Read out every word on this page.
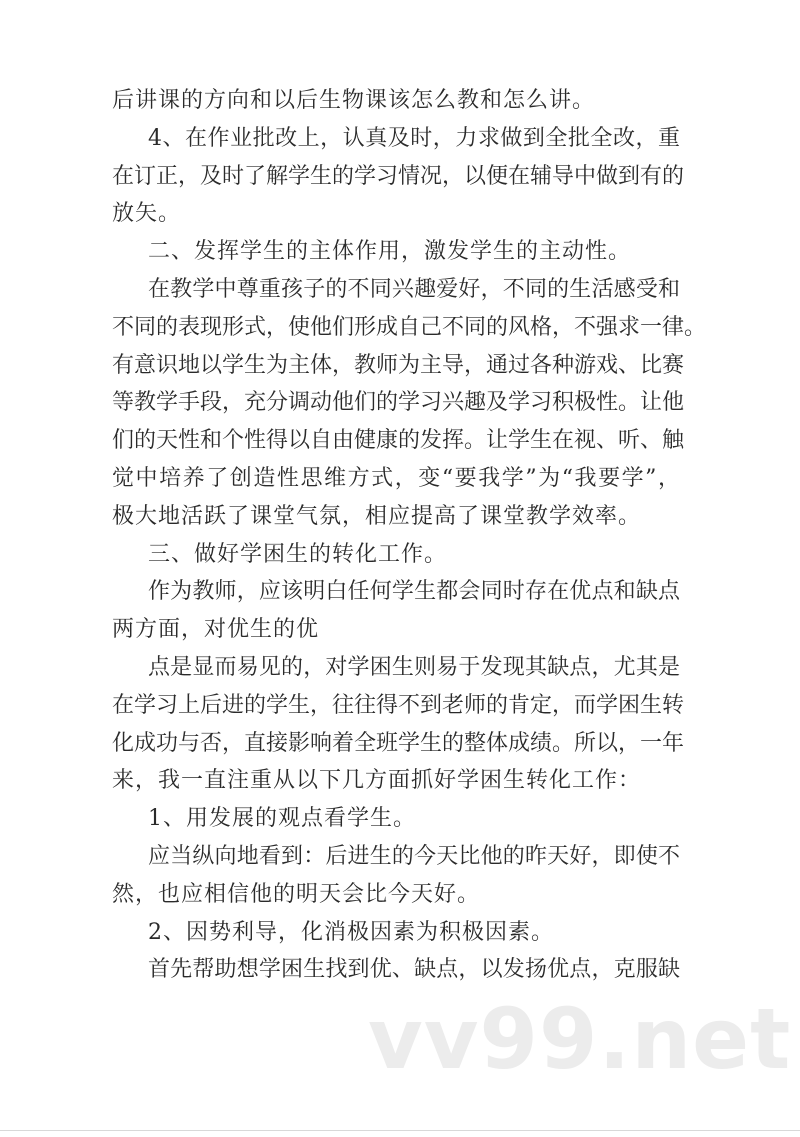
后讲课的方向和以后生物课该怎么教和怎么讲。
4、在作业批改上，认真及时，力求做到全批全改，重
在订正，及时了解学生的学习情况，以便在辅导中做到有的
放矢。
二、发挥学生的主体作用，激发学生的主动性。
在教学中尊重孩子的不同兴趣爱好，不同的生活感受和
不同的表现形式，使他们形成自己不同的风格，不强求一律。
有意识地以学生为主体，教师为主导，通过各种游戏、比赛
等教学手段，充分调动他们的学习兴趣及学习积极性。让他
们的天性和个性得以自由健康的发挥。让学生在视、听、触
觉中培养了创造性思维方式，变“要我学”为“我要学”，
极大地活跃了课堂气氛，相应提高了课堂教学效率。
三、做好学困生的转化工作。
作为教师，应该明白任何学生都会同时存在优点和缺点
两方面，对优生的优
点是显而易见的，对学困生则易于发现其缺点，尤其是
在学习上后进的学生，往往得不到老师的肯定，而学困生转
化成功与否，直接影响着全班学生的整体成绩。所以，一年
来，我一直注重从以下几方面抓好学困生转化工作：
1、用发展的观点看学生。
应当纵向地看到：后进生的今天比他的昨天好，即使不
然，也应相信他的明天会比今天好。
2、因势利导，化消极因素为积极因素。
首先帮助想学困生找到优、缺点，以发扬优点，克服缺
vv99.net
